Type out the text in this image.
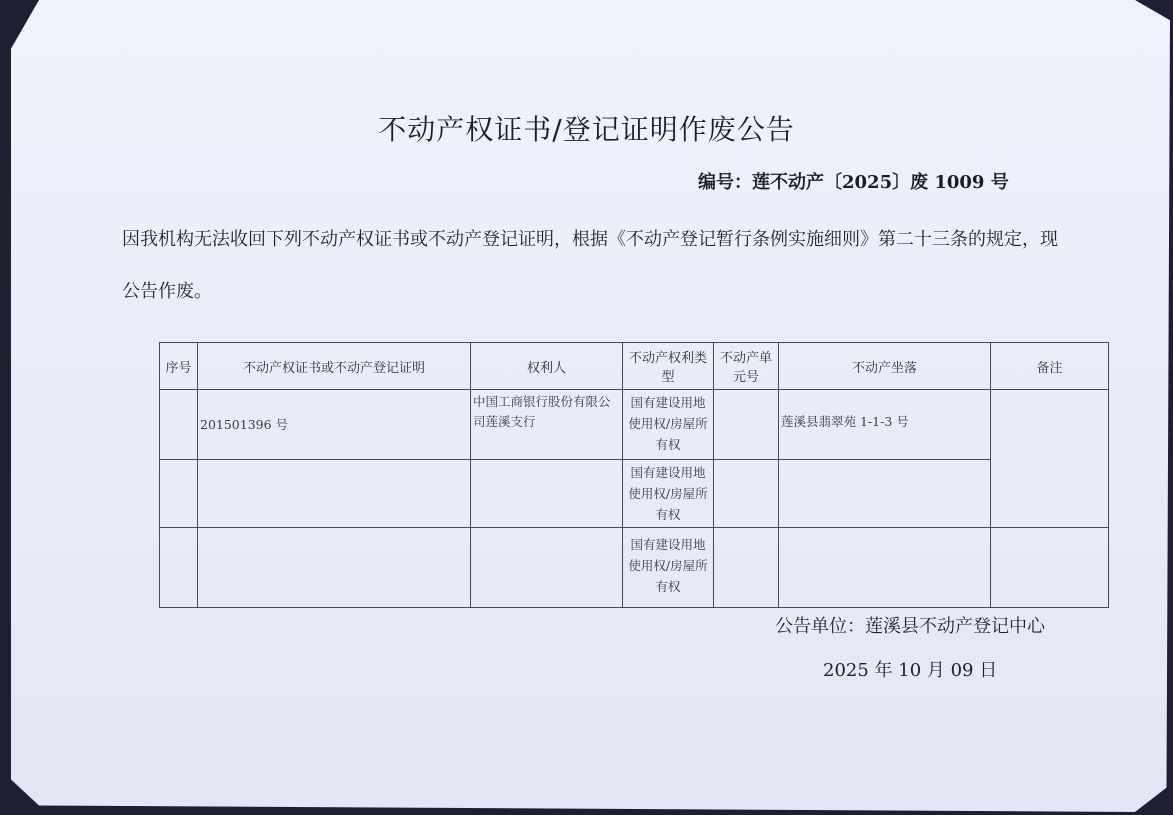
不动产权证书/登记证明作废公告
编号：莲不动产〔2025〕废 1009 号
因我机构无法收回下列不动产权证书或不动产登记证明，根据《不动产登记暂行条例实施细则》第二十三条的规定，现公告作废。
序号	不动产权证书或不动产登记证明	权利人	不动产权利类型	不动产单元号	不动产坐落	备注
	201501396 号	中国工商银行股份有限公司莲溪支行	国有建设用地使用权/房屋所有权		莲溪县翡翠苑 1-1-3 号	
			国有建设用地使用权/房屋所有权			
			国有建设用地使用权/房屋所有权			
公告单位：莲溪县不动产登记中心
2025 年 10 月 09 日
